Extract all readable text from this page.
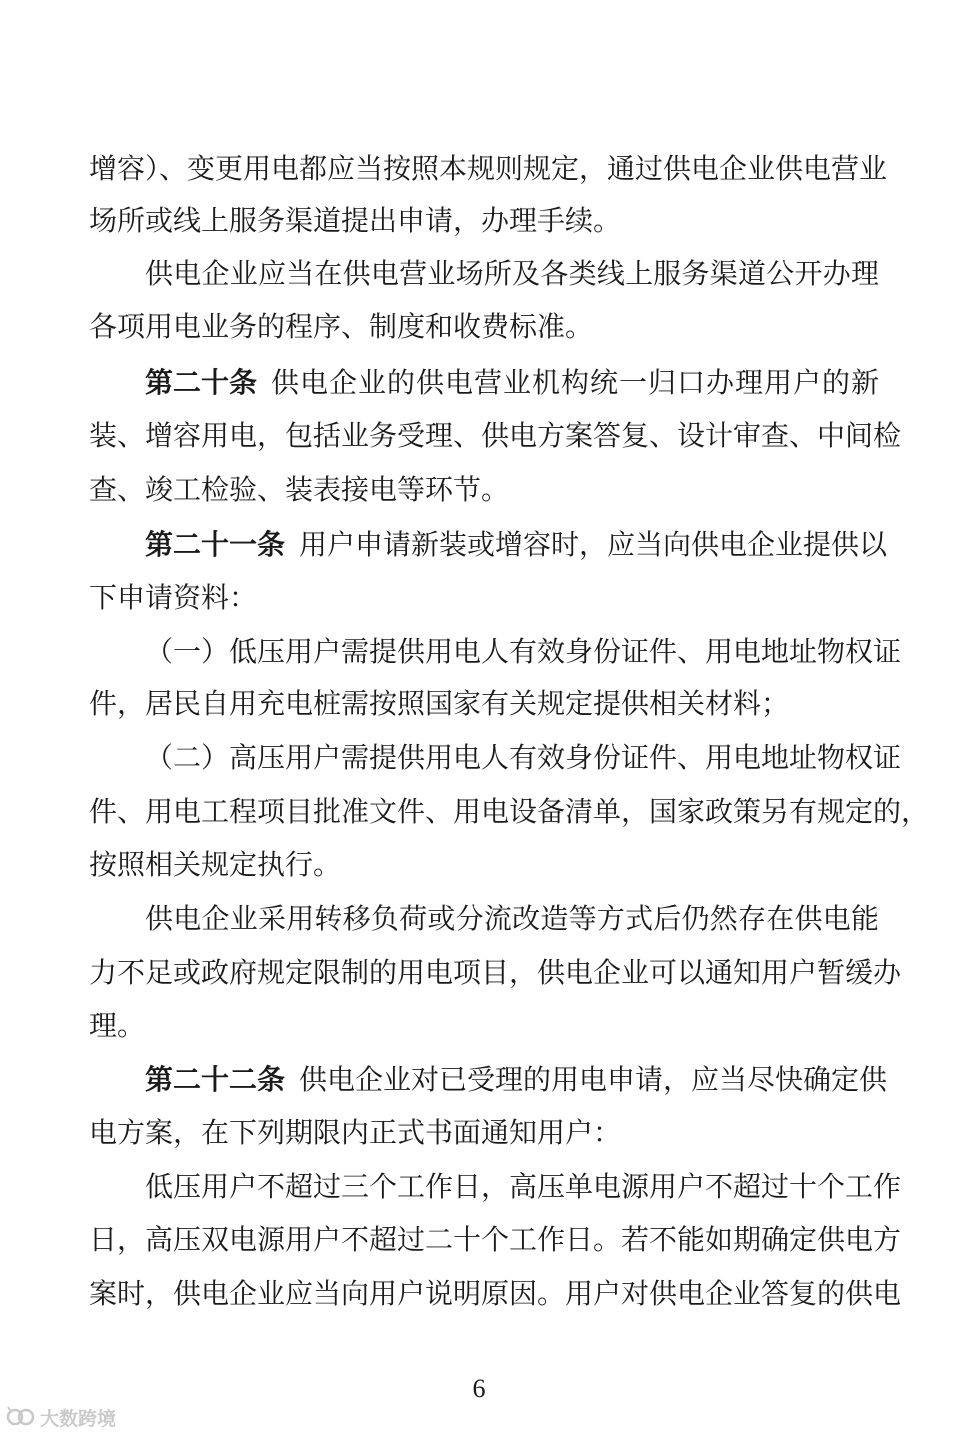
增容）、变更用电都应当按照本规则规定，通过供电企业供电营业
场所或线上服务渠道提出申请，办理手续。
供电企业应当在供电营业场所及各类线上服务渠道公开办理
各项用电业务的程序、制度和收费标准。
第二十条 供电企业的供电营业机构统一归口办理用户的新
装、增容用电，包括业务受理、供电方案答复、设计审查、中间检
查、竣工检验、装表接电等环节。
第二十一条 用户申请新装或增容时，应当向供电企业提供以
下申请资料：
（一）低压用户需提供用电人有效身份证件、用电地址物权证
件，居民自用充电桩需按照国家有关规定提供相关材料；
（二）高压用户需提供用电人有效身份证件、用电地址物权证
件、用电工程项目批准文件、用电设备清单，国家政策另有规定的，
按照相关规定执行。
供电企业采用转移负荷或分流改造等方式后仍然存在供电能
力不足或政府规定限制的用电项目，供电企业可以通知用户暂缓办
理。
第二十二条 供电企业对已受理的用电申请，应当尽快确定供
电方案，在下列期限内正式书面通知用户：
低压用户不超过三个工作日，高压单电源用户不超过十个工作
日，高压双电源用户不超过二十个工作日。若不能如期确定供电方
案时，供电企业应当向用户说明原因。用户对供电企业答复的供电
6
大数跨境
